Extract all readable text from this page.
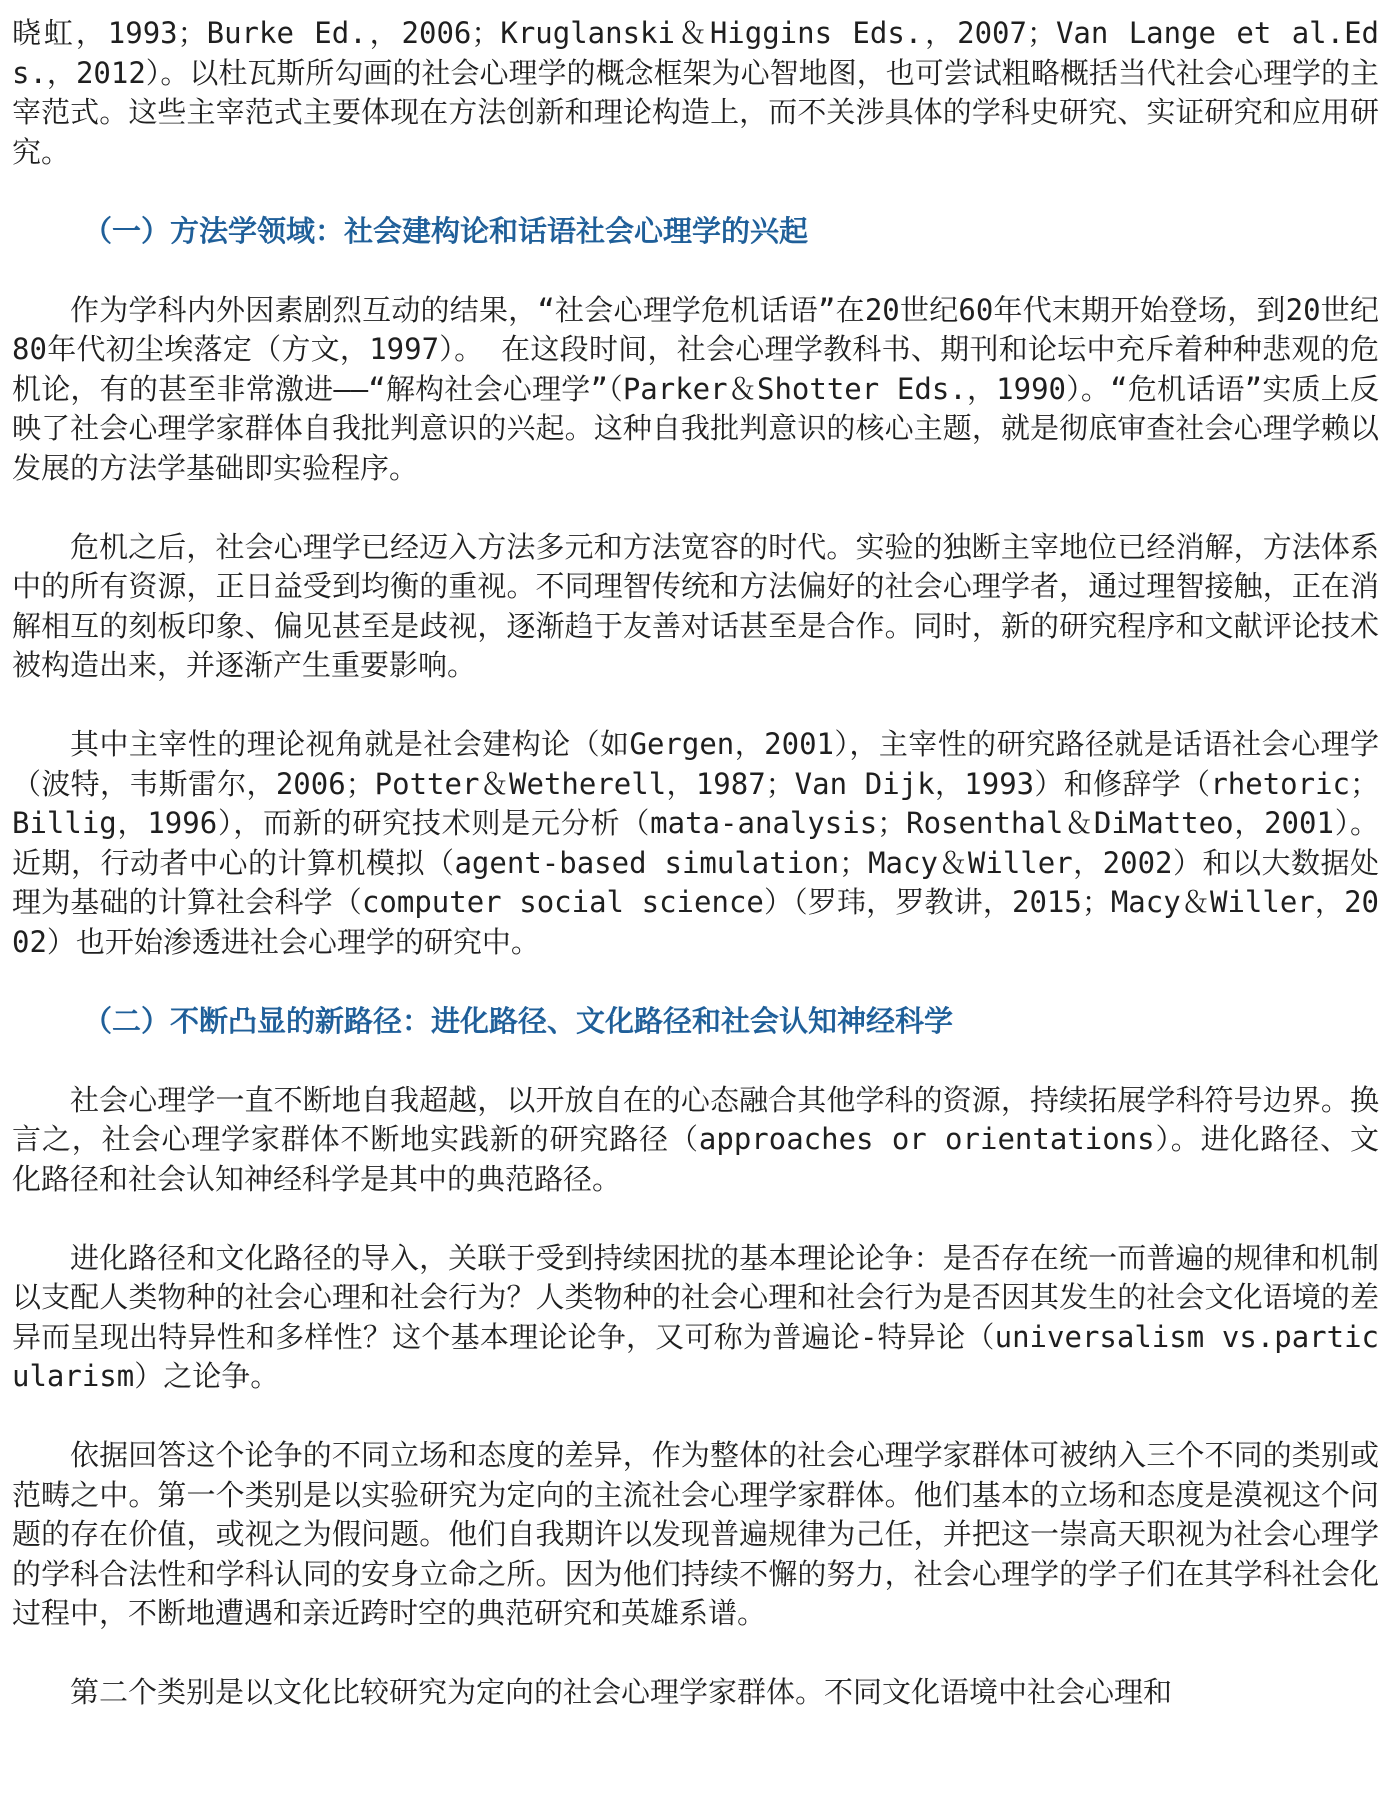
晓虹，1993；Burke Ed.，2006；Kruglanski＆Higgins Eds.，2007；Van Lange et al.Eds.，2012）。以杜瓦斯所勾画的社会心理学的概念框架为心智地图，也可尝试粗略概括当代社会心理学的主宰范式。这些主宰范式主要体现在方法创新和理论构造上，而不关涉具体的学科史研究、实证研究和应用研究。

（一）方法学领域：社会建构论和话语社会心理学的兴起

作为学科内外因素剧烈互动的结果，“社会心理学危机话语”在20世纪60年代末期开始登场，到20世纪80年代初尘埃落定（方文，1997）。 在这段时间，社会心理学教科书、期刊和论坛中充斥着种种悲观的危机论，有的甚至非常激进——“解构社会心理学”（Parker＆Shotter Eds.，1990）。“危机话语”实质上反映了社会心理学家群体自我批判意识的兴起。这种自我批判意识的核心主题，就是彻底审查社会心理学赖以发展的方法学基础即实验程序。

危机之后，社会心理学已经迈入方法多元和方法宽容的时代。实验的独断主宰地位已经消解，方法体系中的所有资源，正日益受到均衡的重视。不同理智传统和方法偏好的社会心理学者，通过理智接触，正在消解相互的刻板印象、偏见甚至是歧视，逐渐趋于友善对话甚至是合作。同时，新的研究程序和文献评论技术被构造出来，并逐渐产生重要影响。

其中主宰性的理论视角就是社会建构论（如Gergen，2001），主宰性的研究路径就是话语社会心理学（波特，韦斯雷尔，2006；Potter＆Wetherell，1987；Van Dijk，1993）和修辞学（rhetoric；Billig，1996），而新的研究技术则是元分析（mata-analysis；Rosenthal＆DiMatteo，2001）。近期，行动者中心的计算机模拟（agent-based simulation；Macy＆Willer，2002）和以大数据处理为基础的计算社会科学（computer social science）（罗玮，罗教讲，2015；Macy＆Willer，2002）也开始渗透进社会心理学的研究中。

（二）不断凸显的新路径：进化路径、文化路径和社会认知神经科学

社会心理学一直不断地自我超越，以开放自在的心态融合其他学科的资源，持续拓展学科符号边界。换言之，社会心理学家群体不断地实践新的研究路径（approaches or orientations）。进化路径、文化路径和社会认知神经科学是其中的典范路径。

进化路径和文化路径的导入，关联于受到持续困扰的基本理论论争：是否存在统一而普遍的规律和机制以支配人类物种的社会心理和社会行为？人类物种的社会心理和社会行为是否因其发生的社会文化语境的差异而呈现出特异性和多样性？这个基本理论论争，又可称为普遍论-特异论（universalism vs.particularism）之论争。

依据回答这个论争的不同立场和态度的差异，作为整体的社会心理学家群体可被纳入三个不同的类别或范畴之中。第一个类别是以实验研究为定向的主流社会心理学家群体。他们基本的立场和态度是漠视这个问题的存在价值，或视之为假问题。他们自我期许以发现普遍规律为己任，并把这一崇高天职视为社会心理学的学科合法性和学科认同的安身立命之所。因为他们持续不懈的努力，社会心理学的学子们在其学科社会化过程中，不断地遭遇和亲近跨时空的典范研究和英雄系谱。

第二个类别是以文化比较研究为定向的社会心理学家群体。不同文化语境中社会心理和
